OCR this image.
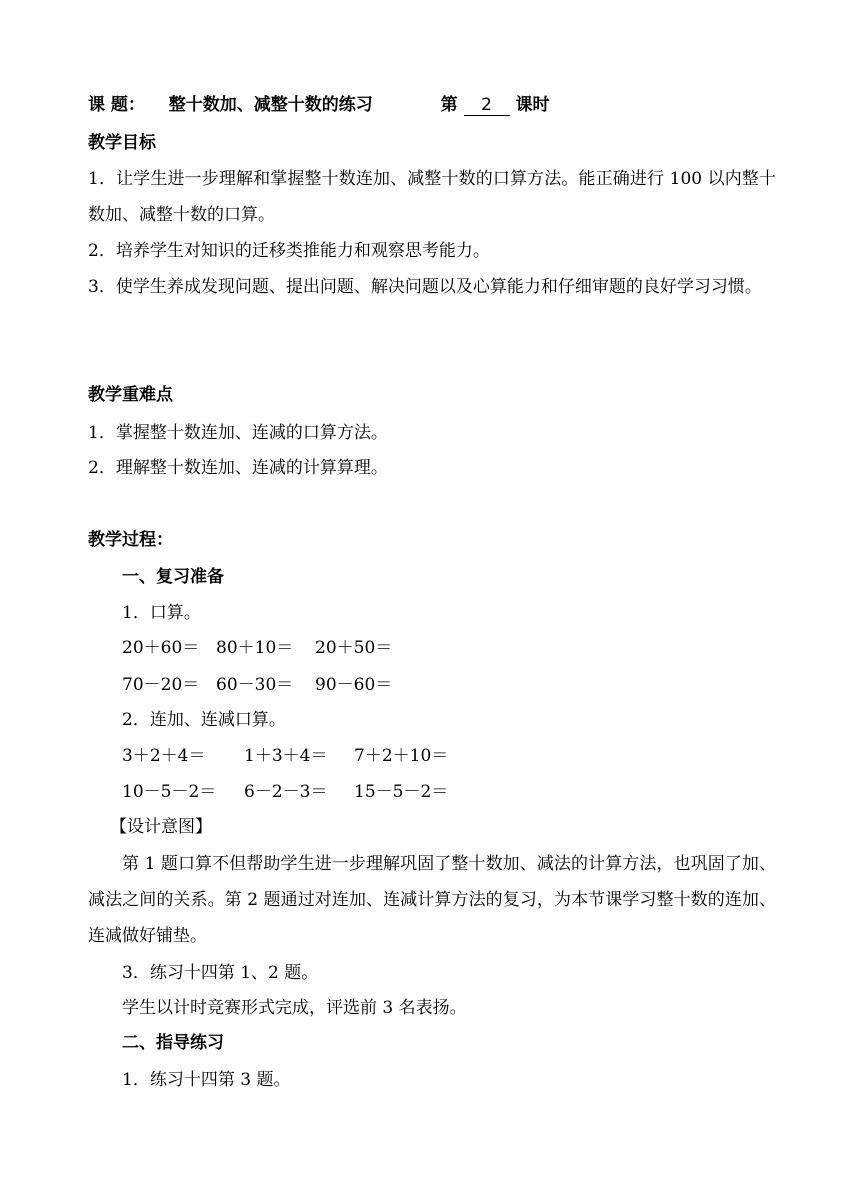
课 题： 整十数加、减整十数的练习	第 2 课时
教学目标
1．让学生进一步理解和掌握整十数连加、减整十数的口算方法。能正确进行 100 以内整十数加、减整十数的口算。
2．培养学生对知识的迁移类推能力和观察思考能力。
3．使学生养成发现问题、提出问题、解决问题以及心算能力和仔细审题的良好学习习惯。
教学重难点
1．掌握整十数连加、连减的口算方法。
2．理解整十数连加、连减的计算算理。
教学过程：
一、复习准备
1．口算。
20＋60＝ 80＋10＝ 20＋50＝
70－20＝ 60－30＝ 90－60＝
2．连加、连减口算。
3＋2＋4＝ 1＋3＋4＝ 7＋2＋10＝
10－5－2＝ 6－2－3＝ 15－5－2＝
【设计意图】
第 1 题口算不但帮助学生进一步理解巩固了整十数加、减法的计算方法，也巩固了加、减法之间的关系。第 2 题通过对连加、连减计算方法的复习，为本节课学习整十数的连加、连减做好铺垫。
3．练习十四第 1、2 题。
学生以计时竞赛形式完成，评选前 3 名表扬。
二、指导练习
1．练习十四第 3 题。
